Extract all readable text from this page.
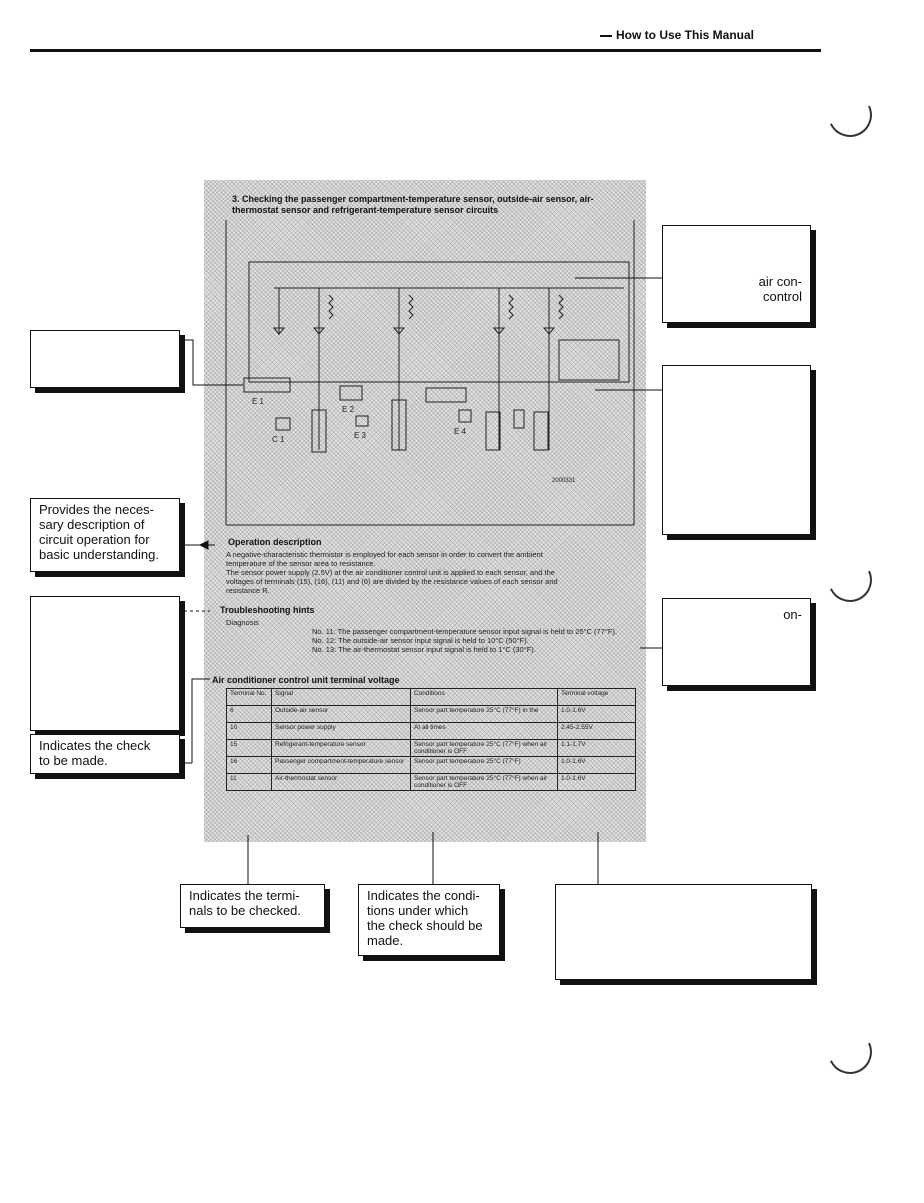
How to Use This Manual
3. Checking the passenger compartment-temperature sensor, outside-air sensor, air-
thermostat sensor and refrigerant-temperature sensor circuits
E 1
E 2
E 3
C 1
E 4
2000331
Operation description
A negative-characteristic thermistor is employed for each sensor in order to convert the ambient
temperature of the sensor area to resistance.
The sensor power supply (2.5V) at the air conditioner control unit is applied to each sensor, and the
voltages of terminals (15), (16), (11) and (6) are divided by the resistance values of each sensor and
resistance R.
Troubleshooting hints
Diagnosis
No. 11: The passenger compartment-temperature sensor input signal is held to 25°C (77°F).
No. 12: The outside-air sensor input signal is held to 10°C (50°F).
No. 13: The air-thermostat sensor input signal is held to 1°C (30°F).
Air conditioner control unit terminal voltage
Terminal No.	Signal	Conditions	Terminal voltage
6	Outside-air sensor	Sensor part temperature 25°C (77°F) in the	1.0-1.6V
10	Sensor power supply	At all times	2.45-2.55V
15	Refrigerant-temperature sensor	Sensor part temperature 25°C (77°F) when air conditioner is OFF	1.1-1.7V
16	Passenger compartment-temperature sensor	Sensor part temperature 25°C (77°F)	1.0-1.6V
11	Air-thermostat sensor	Sensor part temperature 25°C (77°F) when air conditioner is OFF	1.0-1.6V
Provides the neces-
sary description of
circuit operation for
basic understanding.
Indicates the check
to be made.
air con-
control
on-
Indicates the termi-
nals to be checked.
Indicates the condi-
tions under which
the check should be
made.
